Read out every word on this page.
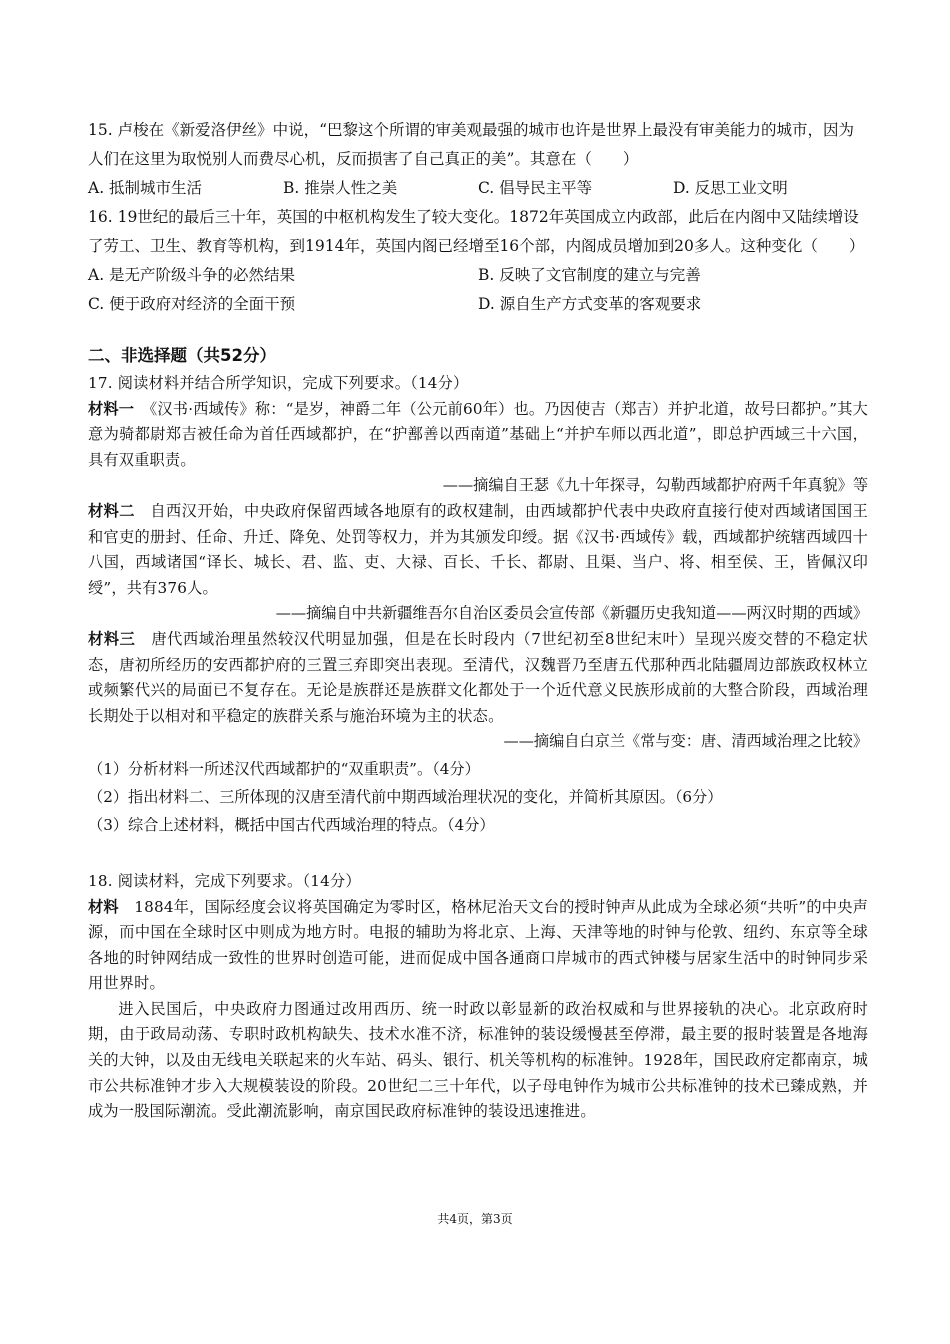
15. 卢梭在《新爱洛伊丝》中说，“巴黎这个所谓的审美观最强的城市也许是世界上最没有审美能力的城市，因为人们在这里为取悦别人而费尽心机，反而损害了自己真正的美”。其意在（　　）
A. 抵制城市生活	B. 推崇人性之美	C. 倡导民主平等	D. 反思工业文明
16. 19世纪的最后三十年，英国的中枢机构发生了较大变化。1872年英国成立内政部，此后在内阁中又陆续增设了劳工、卫生、教育等机构，到1914年，英国内阁已经增至16个部，内阁成员增加到20多人。这种变化（　　）
A. 是无产阶级斗争的必然结果	B. 反映了文官制度的建立与完善
C. 便于政府对经济的全面干预	D. 源自生产方式变革的客观要求
二、非选择题（共52分）
17. 阅读材料并结合所学知识，完成下列要求。（14分）
材料一　《汉书·西域传》称：“是岁，神爵二年（公元前60年）也。乃因使吉（郑吉）并护北道，故号曰都护。”其大意为骑都尉郑吉被任命为首任西域都护，在“护鄯善以西南道”基础上“并护车师以西北道”，即总护西域三十六国，具有双重职责。
——摘编自王瑟《九十年探寻，勾勒西域都护府两千年真貌》等
材料二　自西汉开始，中央政府保留西域各地原有的政权建制，由西域都护代表中央政府直接行使对西域诸国国王和官吏的册封、任命、升迁、降免、处罚等权力，并为其颁发印绶。据《汉书·西域传》载，西域都护统辖西域四十八国，西域诸国“译长、城长、君、监、吏、大禄、百长、千长、都尉、且渠、当户、将、相至侯、王，皆佩汉印绶”，共有376人。
——摘编自中共新疆维吾尔自治区委员会宣传部《新疆历史我知道——两汉时期的西域》
材料三　唐代西域治理虽然较汉代明显加强，但是在长时段内（7世纪初至8世纪末叶）呈现兴废交替的不稳定状态，唐初所经历的安西都护府的三置三弃即突出表现。至清代，汉魏晋乃至唐五代那种西北陆疆周边部族政权林立或频繁代兴的局面已不复存在。无论是族群还是族群文化都处于一个近代意义民族形成前的大整合阶段，西域治理长期处于以相对和平稳定的族群关系与施治环境为主的状态。
——摘编自白京兰《常与变：唐、清西域治理之比较》
（1）分析材料一所述汉代西域都护的“双重职责”。（4分）
（2）指出材料二、三所体现的汉唐至清代前中期西域治理状况的变化，并简析其原因。（6分）
（3）综合上述材料，概括中国古代西域治理的特点。（4分）
18. 阅读材料，完成下列要求。（14分）
材料　1884年，国际经度会议将英国确定为零时区，格林尼治天文台的授时钟声从此成为全球必须“共听”的中央声源，而中国在全球时区中则成为地方时。电报的辅助为将北京、上海、天津等地的时钟与伦敦、纽约、东京等全球各地的时钟网结成一致性的世界时创造可能，进而促成中国各通商口岸城市的西式钟楼与居家生活中的时钟同步采用世界时。
进入民国后，中央政府力图通过改用西历、统一时政以彰显新的政治权威和与世界接轨的决心。北京政府时期，由于政局动荡、专职时政机构缺失、技术水准不济，标准钟的装设缓慢甚至停滞，最主要的报时装置是各地海关的大钟，以及由无线电关联起来的火车站、码头、银行、机关等机构的标准钟。1928年，国民政府定都南京，城市公共标准钟才步入大规模装设的阶段。20世纪二三十年代，以子母电钟作为城市公共标准钟的技术已臻成熟，并成为一股国际潮流。受此潮流影响，南京国民政府标准钟的装设迅速推进。
共4页，第3页
